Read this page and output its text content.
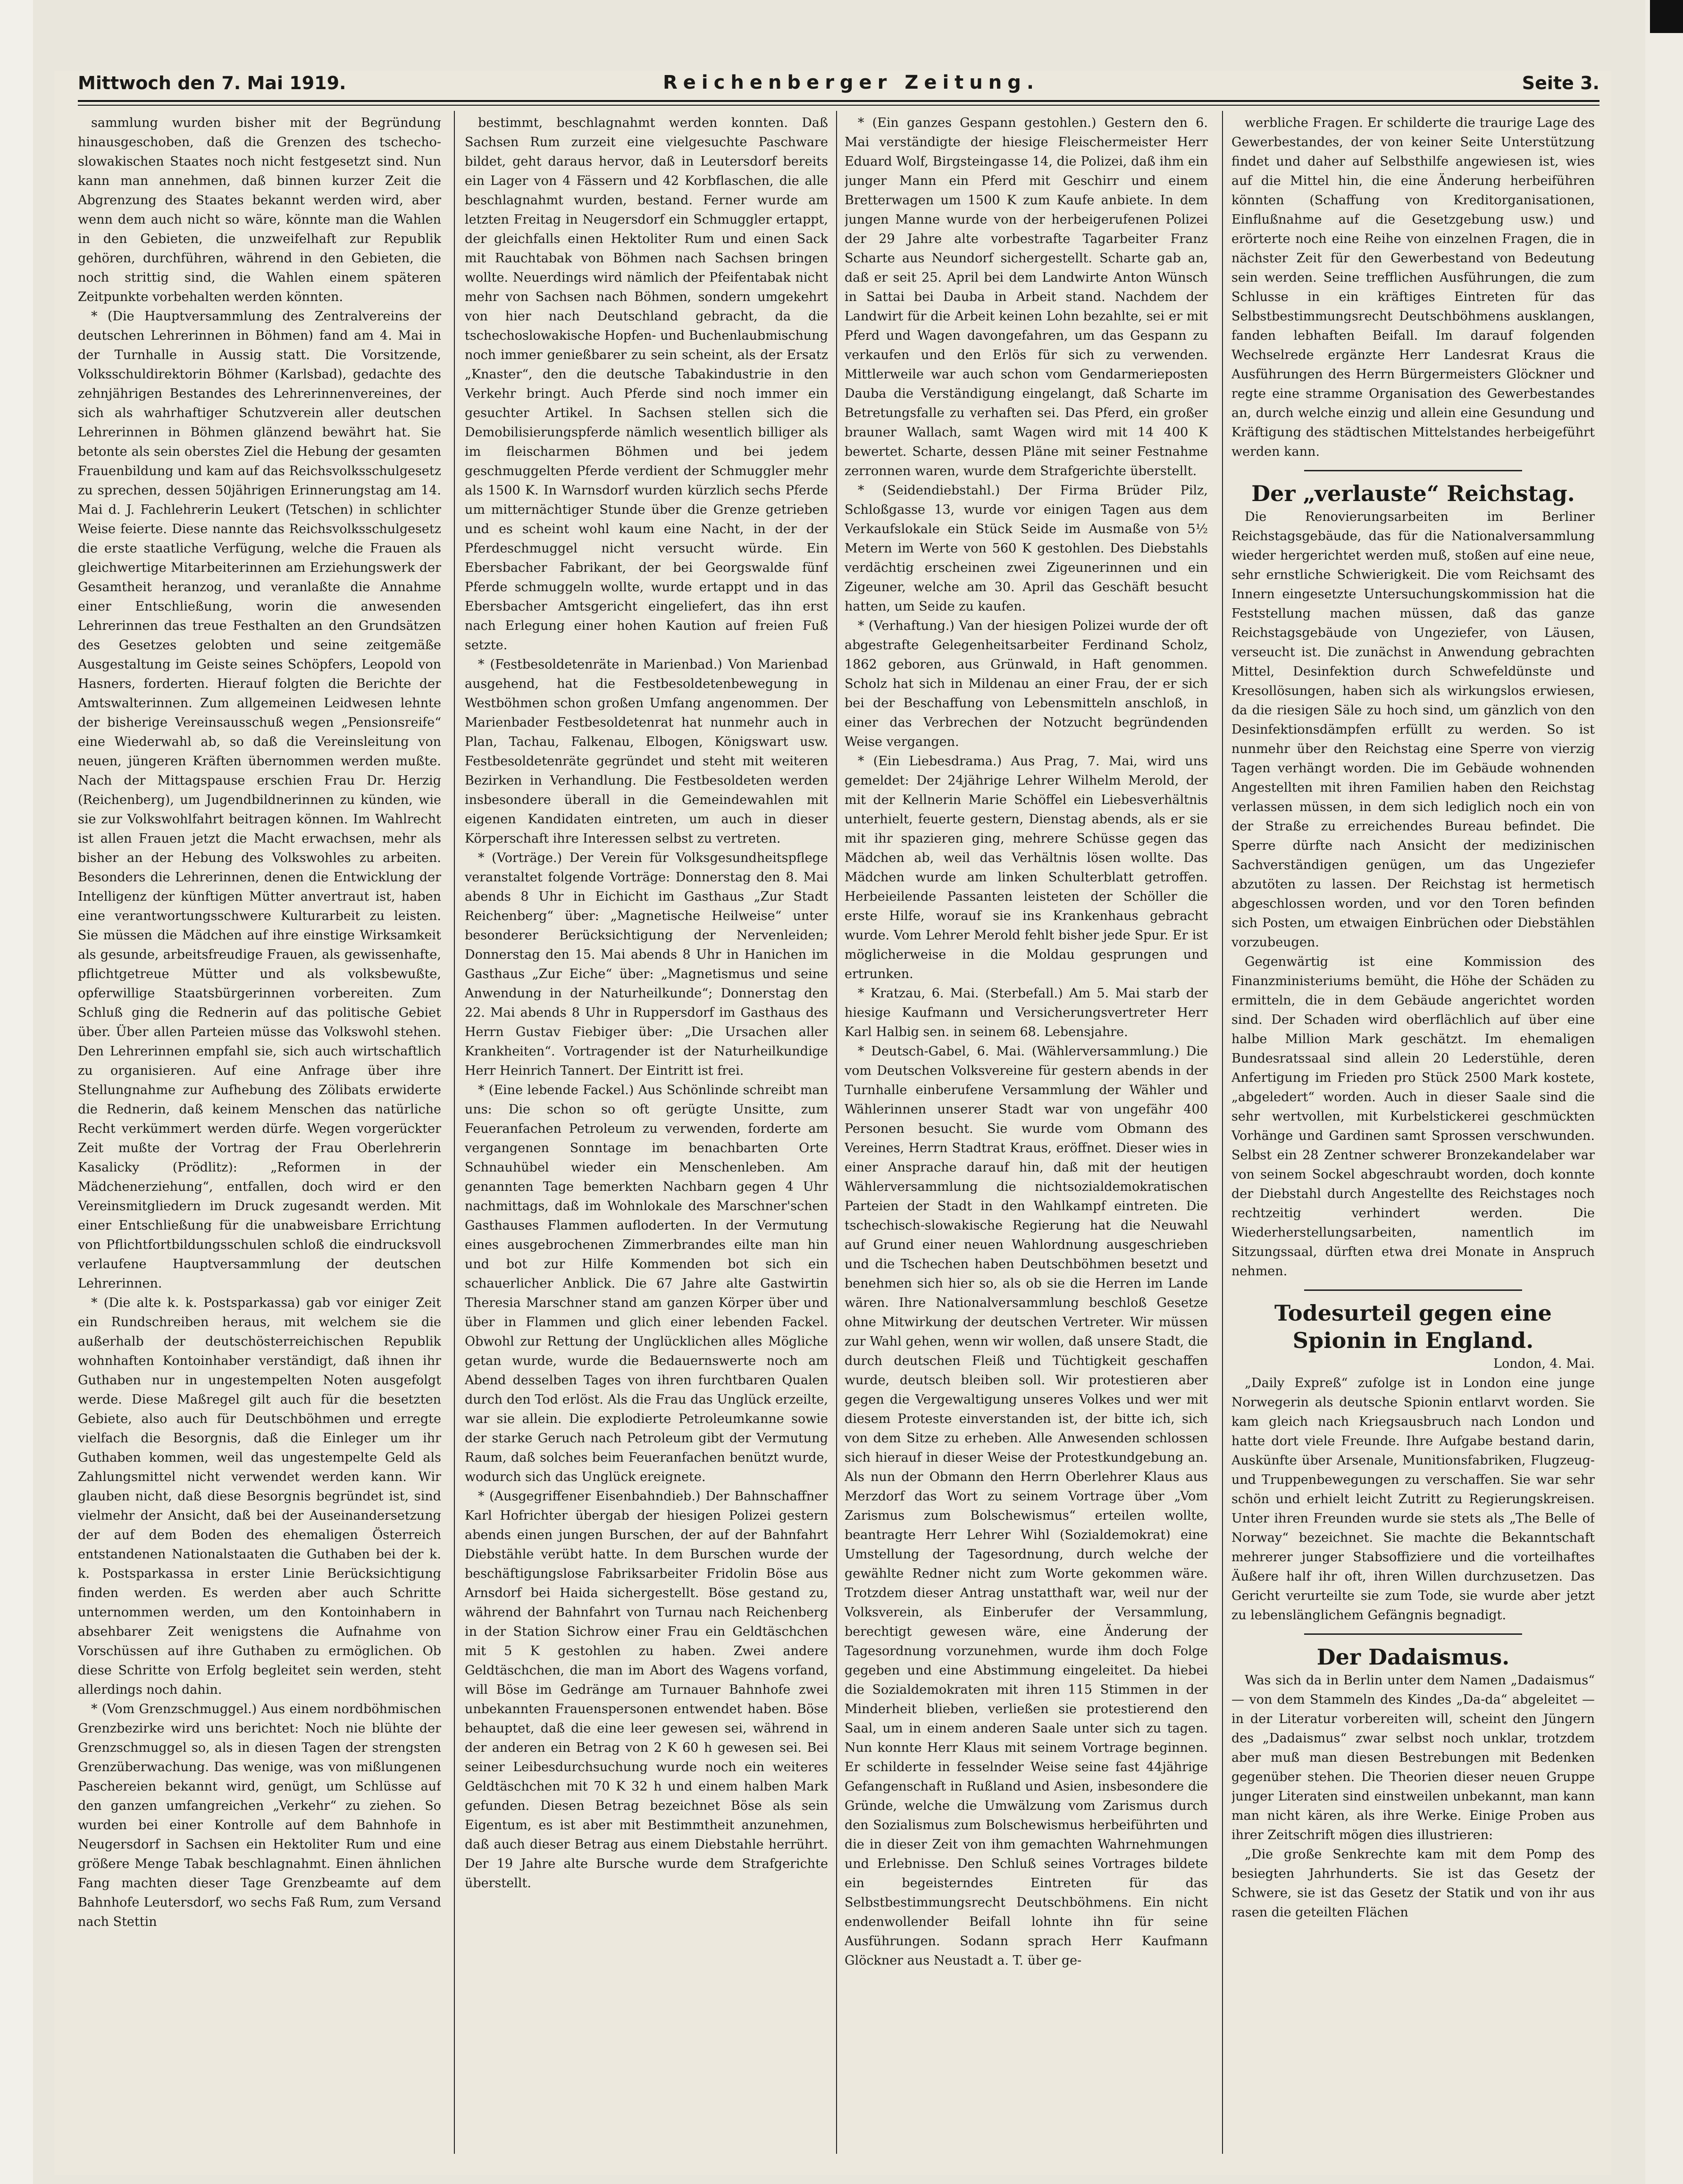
Mittwoch den 7. Mai 1919.	Reichenberger Zeitung.	Seite 3.

sammlung wurden bisher mit der Begründung hinausgeschoben, daß die Grenzen des tschecho-slowakischen Staates noch nicht festgesetzt sind. Nun kann man annehmen, daß binnen kurzer Zeit die Abgrenzung des Staates bekannt werden wird, aber wenn dem auch nicht so wäre, könnte man die Wahlen in den Gebieten, die unzweifelhaft zur Republik gehören, durchführen, während in den Gebieten, die noch strittig sind, die Wahlen einem späteren Zeitpunkte vorbehalten werden könnten.

* (Die Hauptversammlung des Zentralvereins der deutschen Lehrerinnen in Böhmen) fand am 4. Mai in der Turnhalle in Aussig statt. Die Vorsitzende, Volksschuldirektorin Böhmer (Karlsbad), gedachte des zehnjährigen Bestandes des Lehrerinnenvereines, der sich als wahrhaftiger Schutzverein aller deutschen Lehrerinnen in Böhmen glänzend bewährt hat. Sie betonte als sein oberstes Ziel die Hebung der gesamten Frauenbildung und kam auf das Reichsvolksschulgesetz zu sprechen, dessen 50jährigen Erinnerungstag am 14. Mai d. J. Fachlehrerin Leukert (Tetschen) in schlichter Weise feierte. Diese nannte das Reichsvolksschulgesetz die erste staatliche Verfügung, welche die Frauen als gleichwertige Mitarbeiterinnen am Erziehungswerk der Gesamtheit heranzog, und veranlaßte die Annahme einer Entschließung, worin die anwesenden Lehrerinnen das treue Festhalten an den Grundsätzen des Gesetzes gelobten und seine zeitgemäße Ausgestaltung im Geiste seines Schöpfers, Leopold von Hasners, forderten. Hierauf folgten die Berichte der Amtswalterinnen. Zum allgemeinen Leidwesen lehnte der bisherige Vereinsausschuß wegen „Pensionsreife“ eine Wiederwahl ab, so daß die Vereinsleitung von neuen, jüngeren Kräften übernommen werden mußte. Nach der Mittagspause erschien Frau Dr. Herzig (Reichenberg), um Jugendbildnerinnen zu künden, wie sie zur Volkswohlfahrt beitragen können. Im Wahlrecht ist allen Frauen jetzt die Macht erwachsen, mehr als bisher an der Hebung des Volkswohles zu arbeiten. Besonders die Lehrerinnen, denen die Entwicklung der Intelligenz der künftigen Mütter anvertraut ist, haben eine verantwortungsschwere Kulturarbeit zu leisten. Sie müssen die Mädchen auf ihre einstige Wirksamkeit als gesunde, arbeitsfreudige Frauen, als gewissenhafte, pflichtgetreue Mütter und als volksbewußte, opferwillige Staatsbürgerinnen vorbereiten. Zum Schluß ging die Rednerin auf das politische Gebiet über. Über allen Parteien müsse das Volkswohl stehen. Den Lehrerinnen empfahl sie, sich auch wirtschaftlich zu organisieren. Auf eine Anfrage über ihre Stellungnahme zur Aufhebung des Zölibats erwiderte die Rednerin, daß keinem Menschen das natürliche Recht verkümmert werden dürfe. Wegen vorgerückter Zeit mußte der Vortrag der Frau Oberlehrerin Kasalicky (Prödlitz): „Reformen in der Mädchenerziehung“, entfallen, doch wird er den Vereinsmitgliedern im Druck zugesandt werden. Mit einer Entschließung für die unabweisbare Errichtung von Pflichtfortbildungsschulen schloß die eindrucksvoll verlaufene Hauptversammlung der deutschen Lehrerinnen.

* (Die alte k. k. Postsparkassa) gab vor einiger Zeit ein Rundschreiben heraus, mit welchem sie die außerhalb der deutschösterreichischen Republik wohnhaften Kontoinhaber verständigt, daß ihnen ihr Guthaben nur in ungestempelten Noten ausgefolgt werde. Diese Maßregel gilt auch für die besetzten Gebiete, also auch für Deutschböhmen und erregte vielfach die Besorgnis, daß die Einleger um ihr Guthaben kommen, weil das ungestempelte Geld als Zahlungsmittel nicht verwendet werden kann. Wir glauben nicht, daß diese Besorgnis begründet ist, sind vielmehr der Ansicht, daß bei der Auseinandersetzung der auf dem Boden des ehemaligen Österreich entstandenen Nationalstaaten die Guthaben bei der k. k. Postsparkassa in erster Linie Berücksichtigung finden werden. Es werden aber auch Schritte unternommen werden, um den Kontoinhabern in absehbarer Zeit wenigstens die Aufnahme von Vorschüssen auf ihre Guthaben zu ermöglichen. Ob diese Schritte von Erfolg begleitet sein werden, steht allerdings noch dahin.

* (Vom Grenzschmuggel.) Aus einem nordböhmischen Grenzbezirke wird uns berichtet: Noch nie blühte der Grenzschmuggel so, als in diesen Tagen der strengsten Grenzüberwachung. Das wenige, was von mißlungenen Paschereien bekannt wird, genügt, um Schlüsse auf den ganzen umfangreichen „Verkehr“ zu ziehen. So wurden bei einer Kontrolle auf dem Bahnhofe in Neugersdorf in Sachsen ein Hektoliter Rum und eine größere Menge Tabak beschlagnahmt. Einen ähnlichen Fang machten dieser Tage Grenzbeamte auf dem Bahnhofe Leutersdorf, wo sechs Faß Rum, zum Versand nach Stettin

bestimmt, beschlagnahmt werden konnten. Daß Sachsen Rum zurzeit eine vielgesuchte Paschware bildet, geht daraus hervor, daß in Leutersdorf bereits ein Lager von 4 Fässern und 42 Korbflaschen, die alle beschlagnahmt wurden, bestand. Ferner wurde am letzten Freitag in Neugersdorf ein Schmuggler ertappt, der gleichfalls einen Hektoliter Rum und einen Sack mit Rauchtabak von Böhmen nach Sachsen bringen wollte. Neuerdings wird nämlich der Pfeifentabak nicht mehr von Sachsen nach Böhmen, sondern umgekehrt von hier nach Deutschland gebracht, da die tschechoslowakische Hopfen- und Buchenlaubmischung noch immer genießbarer zu sein scheint, als der Ersatz „Knaster“, den die deutsche Tabakindustrie in den Verkehr bringt. Auch Pferde sind noch immer ein gesuchter Artikel. In Sachsen stellen sich die Demobilisierungspferde nämlich wesentlich billiger als im fleischarmen Böhmen und bei jedem geschmuggelten Pferde verdient der Schmuggler mehr als 1500 K. In Warnsdorf wurden kürzlich sechs Pferde um mitternächtiger Stunde über die Grenze getrieben und es scheint wohl kaum eine Nacht, in der der Pferdeschmuggel nicht versucht würde. Ein Ebersbacher Fabrikant, der bei Georgswalde fünf Pferde schmuggeln wollte, wurde ertappt und in das Ebersbacher Amtsgericht eingeliefert, das ihn erst nach Erlegung einer hohen Kaution auf freien Fuß setzte.

* (Festbesoldetenräte in Marienbad.) Von Marienbad ausgehend, hat die Festbesoldetenbewegung in Westböhmen schon großen Umfang angenommen. Der Marienbader Festbesoldetenrat hat nunmehr auch in Plan, Tachau, Falkenau, Elbogen, Königswart usw. Festbesoldetenräte gegründet und steht mit weiteren Bezirken in Verhandlung. Die Festbesoldeten werden insbesondere überall in die Gemeindewahlen mit eigenen Kandidaten eintreten, um auch in dieser Körperschaft ihre Interessen selbst zu vertreten.

* (Vorträge.) Der Verein für Volksgesundheitspflege veranstaltet folgende Vorträge: Donnerstag den 8. Mai abends 8 Uhr in Eichicht im Gasthaus „Zur Stadt Reichenberg“ über: „Magnetische Heilweise“ unter besonderer Berücksichtigung der Nervenleiden; Donnerstag den 15. Mai abends 8 Uhr in Hanichen im Gasthaus „Zur Eiche“ über: „Magnetismus und seine Anwendung in der Naturheilkunde“; Donnerstag den 22. Mai abends 8 Uhr in Ruppersdorf im Gasthaus des Herrn Gustav Fiebiger über: „Die Ursachen aller Krankheiten“. Vortragender ist der Naturheilkundige Herr Heinrich Tannert. Der Eintritt ist frei.

* (Eine lebende Fackel.) Aus Schönlinde schreibt man uns: Die schon so oft gerügte Unsitte, zum Feueranfachen Petroleum zu verwenden, forderte am vergangenen Sonntage im benachbarten Orte Schnauhübel wieder ein Menschenleben. Am genannten Tage bemerkten Nachbarn gegen 4 Uhr nachmittags, daß im Wohnlokale des Marschner'schen Gasthauses Flammen aufloderten. In der Vermutung eines ausgebrochenen Zimmerbrandes eilte man hin und bot zur Hilfe Kommenden bot sich ein schauerlicher Anblick. Die 67 Jahre alte Gastwirtin Theresia Marschner stand am ganzen Körper über und über in Flammen und glich einer lebenden Fackel. Obwohl zur Rettung der Unglücklichen alles Mögliche getan wurde, wurde die Bedauernswerte noch am Abend desselben Tages von ihren furchtbaren Qualen durch den Tod erlöst. Als die Frau das Unglück erzeilte, war sie allein. Die explodierte Petroleumkanne sowie der starke Geruch nach Petroleum gibt der Vermutung Raum, daß solches beim Feueranfachen benützt wurde, wodurch sich das Unglück ereignete.

* (Ausgegriffener Eisenbahndieb.) Der Bahnschaffner Karl Hofrichter übergab der hiesigen Polizei gestern abends einen jungen Burschen, der auf der Bahnfahrt Diebstähle verübt hatte. In dem Burschen wurde der beschäftigungslose Fabriksarbeiter Fridolin Böse aus Arnsdorf bei Haida sichergestellt. Böse gestand zu, während der Bahnfahrt von Turnau nach Reichenberg in der Station Sichrow einer Frau ein Geldtäschchen mit 5 K gestohlen zu haben. Zwei andere Geldtäschchen, die man im Abort des Wagens vorfand, will Böse im Gedränge am Turnauer Bahnhofe zwei unbekannten Frauenspersonen entwendet haben. Böse behauptet, daß die eine leer gewesen sei, während in der anderen ein Betrag von 2 K 60 h gewesen sei. Bei seiner Leibesdurchsuchung wurde noch ein weiteres Geldtäschchen mit 70 K 32 h und einem halben Mark gefunden. Diesen Betrag bezeichnet Böse als sein Eigentum, es ist aber mit Bestimmtheit anzunehmen, daß auch dieser Betrag aus einem Diebstahle herrührt. Der 19 Jahre alte Bursche wurde dem Strafgerichte überstellt.

* (Ein ganzes Gespann gestohlen.) Gestern den 6. Mai verständigte der hiesige Fleischermeister Herr Eduard Wolf, Birgsteingasse 14, die Polizei, daß ihm ein junger Mann ein Pferd mit Geschirr und einem Bretterwagen um 1500 K zum Kaufe anbiete. In dem jungen Manne wurde von der herbeigerufenen Polizei der 29 Jahre alte vorbestrafte Tagarbeiter Franz Scharte aus Neundorf sichergestellt. Scharte gab an, daß er seit 25. April bei dem Landwirte Anton Wünsch in Sattai bei Dauba in Arbeit stand. Nachdem der Landwirt für die Arbeit keinen Lohn bezahlte, sei er mit Pferd und Wagen davongefahren, um das Gespann zu verkaufen und den Erlös für sich zu verwenden. Mittlerweile war auch schon vom Gendarmerieposten Dauba die Verständigung eingelangt, daß Scharte im Betretungsfalle zu verhaften sei. Das Pferd, ein großer brauner Wallach, samt Wagen wird mit 14 400 K bewertet. Scharte, dessen Pläne mit seiner Festnahme zerronnen waren, wurde dem Strafgerichte überstellt.

* (Seidendiebstahl.) Der Firma Brüder Pilz, Schloßgasse 13, wurde vor einigen Tagen aus dem Verkaufslokale ein Stück Seide im Ausmaße von 5½ Metern im Werte von 560 K gestohlen. Des Diebstahls verdächtig erscheinen zwei Zigeunerinnen und ein Zigeuner, welche am 30. April das Geschäft besucht hatten, um Seide zu kaufen.

* (Verhaftung.) Van der hiesigen Polizei wurde der oft abgestrafte Gelegenheitsarbeiter Ferdinand Scholz, 1862 geboren, aus Grünwald, in Haft genommen. Scholz hat sich in Mildenau an einer Frau, der er sich bei der Beschaffung von Lebensmitteln anschloß, in einer das Verbrechen der Notzucht begründenden Weise vergangen.

* (Ein Liebesdrama.) Aus Prag, 7. Mai, wird uns gemeldet: Der 24jährige Lehrer Wilhelm Merold, der mit der Kellnerin Marie Schöffel ein Liebesverhältnis unterhielt, feuerte gestern, Dienstag abends, als er sie mit ihr spazieren ging, mehrere Schüsse gegen das Mädchen ab, weil das Verhältnis lösen wollte. Das Mädchen wurde am linken Schulterblatt getroffen. Herbeieilende Passanten leisteten der Schöller die erste Hilfe, worauf sie ins Krankenhaus gebracht wurde. Vom Lehrer Merold fehlt bisher jede Spur. Er ist möglicherweise in die Moldau gesprungen und ertrunken.

* Kratzau, 6. Mai. (Sterbefall.) Am 5. Mai starb der hiesige Kaufmann und Versicherungsvertreter Herr Karl Halbig sen. in seinem 68. Lebensjahre.

* Deutsch-Gabel, 6. Mai. (Wählerversammlung.) Die vom Deutschen Volksvereine für gestern abends in der Turnhalle einberufene Versammlung der Wähler und Wählerinnen unserer Stadt war von ungefähr 400 Personen besucht. Sie wurde vom Obmann des Vereines, Herrn Stadtrat Kraus, eröffnet. Dieser wies in einer Ansprache darauf hin, daß mit der heutigen Wählerversammlung die nichtsozialdemokratischen Parteien der Stadt in den Wahlkampf eintreten. Die tschechisch-slowakische Regierung hat die Neuwahl auf Grund einer neuen Wahlordnung ausgeschrieben und die Tschechen haben Deutschböhmen besetzt und benehmen sich hier so, als ob sie die Herren im Lande wären. Ihre Nationalversammlung beschloß Gesetze ohne Mitwirkung der deutschen Vertreter. Wir müssen zur Wahl gehen, wenn wir wollen, daß unsere Stadt, die durch deutschen Fleiß und Tüchtigkeit geschaffen wurde, deutsch bleiben soll. Wir protestieren aber gegen die Vergewaltigung unseres Volkes und wer mit diesem Proteste einverstanden ist, der bitte ich, sich von dem Sitze zu erheben. Alle Anwesenden schlossen sich hierauf in dieser Weise der Protestkundgebung an. Als nun der Obmann den Herrn Oberlehrer Klaus aus Merzdorf das Wort zu seinem Vortrage über „Vom Zarismus zum Bolschewismus“ erteilen wollte, beantragte Herr Lehrer Wihl (Sozialdemokrat) eine Umstellung der Tagesordnung, durch welche der gewählte Redner nicht zum Worte gekommen wäre. Trotzdem dieser Antrag unstatthaft war, weil nur der Volksverein, als Einberufer der Versammlung, berechtigt gewesen wäre, eine Änderung der Tagesordnung vorzunehmen, wurde ihm doch Folge gegeben und eine Abstimmung eingeleitet. Da hiebei die Sozialdemokraten mit ihren 115 Stimmen in der Minderheit blieben, verließen sie protestierend den Saal, um in einem anderen Saale unter sich zu tagen. Nun konnte Herr Klaus mit seinem Vortrage beginnen. Er schilderte in fesselnder Weise seine fast 44jährige Gefangenschaft in Rußland und Asien, insbesondere die Gründe, welche die Umwälzung vom Zarismus durch den Sozialismus zum Bolschewismus herbeiführten und die in dieser Zeit von ihm gemachten Wahrnehmungen und Erlebnisse. Den Schluß seines Vortrages bildete ein begeisterndes Eintreten für das Selbstbestimmungsrecht Deutschböhmens. Ein nicht endenwollender Beifall lohnte ihn für seine Ausführungen. Sodann sprach Herr Kaufmann Glöckner aus Neustadt a. T. über ge-

werbliche Fragen. Er schilderte die traurige Lage des Gewerbestandes, der von keiner Seite Unterstützung findet und daher auf Selbsthilfe angewiesen ist, wies auf die Mittel hin, die eine Änderung herbeiführen könnten (Schaffung von Kreditorganisationen, Einflußnahme auf die Gesetzgebung usw.) und erörterte noch eine Reihe von einzelnen Fragen, die in nächster Zeit für den Gewerbestand von Bedeutung sein werden. Seine trefflichen Ausführungen, die zum Schlusse in ein kräftiges Eintreten für das Selbstbestimmungsrecht Deutschböhmens ausklangen, fanden lebhaften Beifall. Im darauf folgenden Wechselrede ergänzte Herr Landesrat Kraus die Ausführungen des Herrn Bürgermeisters Glöckner und regte eine stramme Organisation des Gewerbestandes an, durch welche einzig und allein eine Gesundung und Kräftigung des städtischen Mittelstandes herbeigeführt werden kann.

Der „verlauste“ Reichstag.

Die Renovierungsarbeiten im Berliner Reichstagsgebäude, das für die Nationalversammlung wieder hergerichtet werden muß, stoßen auf eine neue, sehr ernstliche Schwierigkeit. Die vom Reichsamt des Innern eingesetzte Untersuchungskommission hat die Feststellung machen müssen, daß das ganze Reichstagsgebäude von Ungeziefer, von Läusen, verseucht ist. Die zunächst in Anwendung gebrachten Mittel, Desinfektion durch Schwefeldünste und Kresollösungen, haben sich als wirkungslos erwiesen, da die riesigen Säle zu hoch sind, um gänzlich von den Desinfektionsdämpfen erfüllt zu werden. So ist nunmehr über den Reichstag eine Sperre von vierzig Tagen verhängt worden. Die im Gebäude wohnenden Angestellten mit ihren Familien haben den Reichstag verlassen müssen, in dem sich lediglich noch ein von der Straße zu erreichendes Bureau befindet. Die Sperre dürfte nach Ansicht der medizinischen Sachverständigen genügen, um das Ungeziefer abzutöten zu lassen. Der Reichstag ist hermetisch abgeschlossen worden, und vor den Toren befinden sich Posten, um etwaigen Einbrüchen oder Diebstählen vorzubeugen.

Gegenwärtig ist eine Kommission des Finanzministeriums bemüht, die Höhe der Schäden zu ermitteln, die in dem Gebäude angerichtet worden sind. Der Schaden wird oberflächlich auf über eine halbe Million Mark geschätzt. Im ehemaligen Bundesratssaal sind allein 20 Lederstühle, deren Anfertigung im Frieden pro Stück 2500 Mark kostete, „abgeledert“ worden. Auch in dieser Saale sind die sehr wertvollen, mit Kurbelstickerei geschmückten Vorhänge und Gardinen samt Sprossen verschwunden. Selbst ein 28 Zentner schwerer Bronzekandelaber war von seinem Sockel abgeschraubt worden, doch konnte der Diebstahl durch Angestellte des Reichstages noch rechtzeitig verhindert werden. Die Wiederherstellungsarbeiten, namentlich im Sitzungssaal, dürften etwa drei Monate in Anspruch nehmen.

Todesurteil gegen eine Spionin in England.

London, 4. Mai.

„Daily Expreß“ zufolge ist in London eine junge Norwegerin als deutsche Spionin entlarvt worden. Sie kam gleich nach Kriegsausbruch nach London und hatte dort viele Freunde. Ihre Aufgabe bestand darin, Auskünfte über Arsenale, Munitionsfabriken, Flugzeug- und Truppenbewegungen zu verschaffen. Sie war sehr schön und erhielt leicht Zutritt zu Regierungskreisen. Unter ihren Freunden wurde sie stets als „The Belle of Norway“ bezeichnet. Sie machte die Bekanntschaft mehrerer junger Stabsoffiziere und die vorteilhaftes Äußere half ihr oft, ihren Willen durchzusetzen. Das Gericht verurteilte sie zum Tode, sie wurde aber jetzt zu lebenslänglichem Gefängnis begnadigt.

Der Dadaismus.

Was sich da in Berlin unter dem Namen „Dadaismus“ — von dem Stammeln des Kindes „Da-da“ abgeleitet — in der Literatur vorbereiten will, scheint den Jüngern des „Dadaismus“ zwar selbst noch unklar, trotzdem aber muß man diesen Bestrebungen mit Bedenken gegenüber stehen. Die Theorien dieser neuen Gruppe junger Literaten sind einstweilen unbekannt, man kann man nicht kären, als ihre Werke. Einige Proben aus ihrer Zeitschrift mögen dies illustrieren:

„Die große Senkrechte kam mit dem Pomp des besiegten Jahrhunderts. Sie ist das Gesetz der Schwere, sie ist das Gesetz der Statik und von ihr aus rasen die geteilten Flächen
